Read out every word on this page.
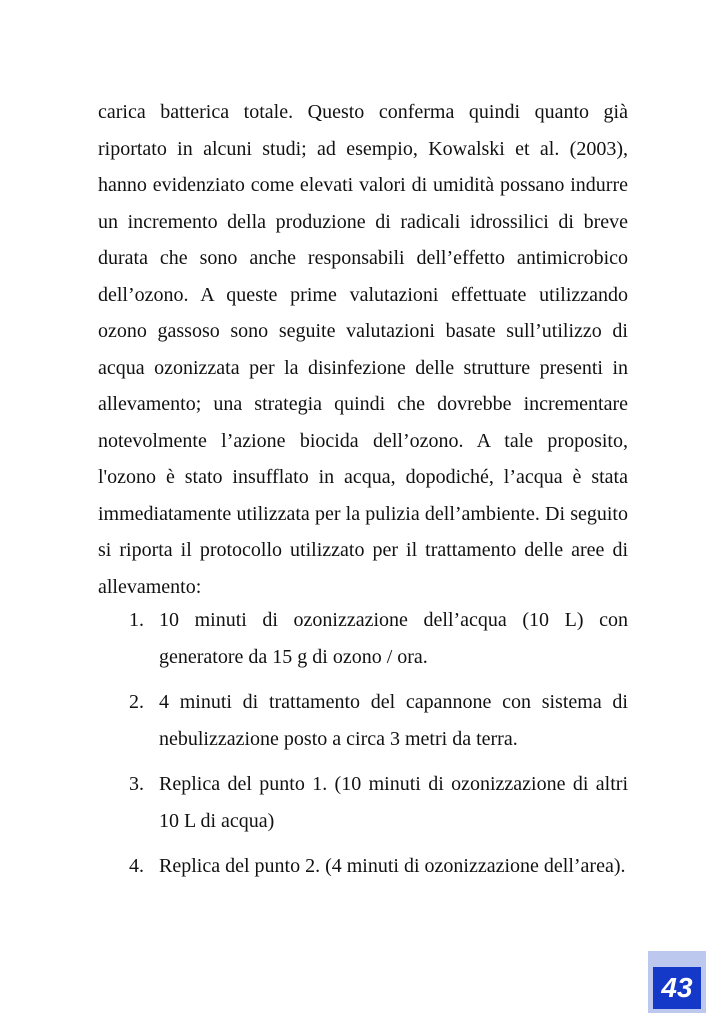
carica batterica totale. Questo conferma quindi quanto già riportato in alcuni studi; ad esempio, Kowalski et al. (2003), hanno evidenziato come elevati valori di umidità possano indurre un incremento della produzione di radicali idrossilici di breve durata che sono anche responsabili dell’effetto antimicrobico dell’ozono. A queste prime valutazioni effettuate utilizzando ozono gassoso sono seguite valutazioni basate sull’utilizzo di acqua ozonizzata per la disinfezione delle strutture presenti in allevamento; una strategia quindi che dovrebbe incrementare notevolmente l’azione biocida dell’ozono. A tale proposito, l'ozono è stato insufflato in acqua, dopodiché, l’acqua è stata immediatamente utilizzata per la pulizia dell’ambiente. Di seguito si riporta il protocollo utilizzato per il trattamento delle aree di allevamento:

1. 10 minuti di ozonizzazione dell’acqua (10 L) con generatore da 15 g di ozono / ora.
2. 4 minuti di trattamento del capannone con sistema di nebulizzazione posto a circa 3 metri da terra.
3. Replica del punto 1. (10 minuti di ozonizzazione di altri 10 L di acqua)
4. Replica del punto 2. (4 minuti di ozonizzazione dell’area).
43
